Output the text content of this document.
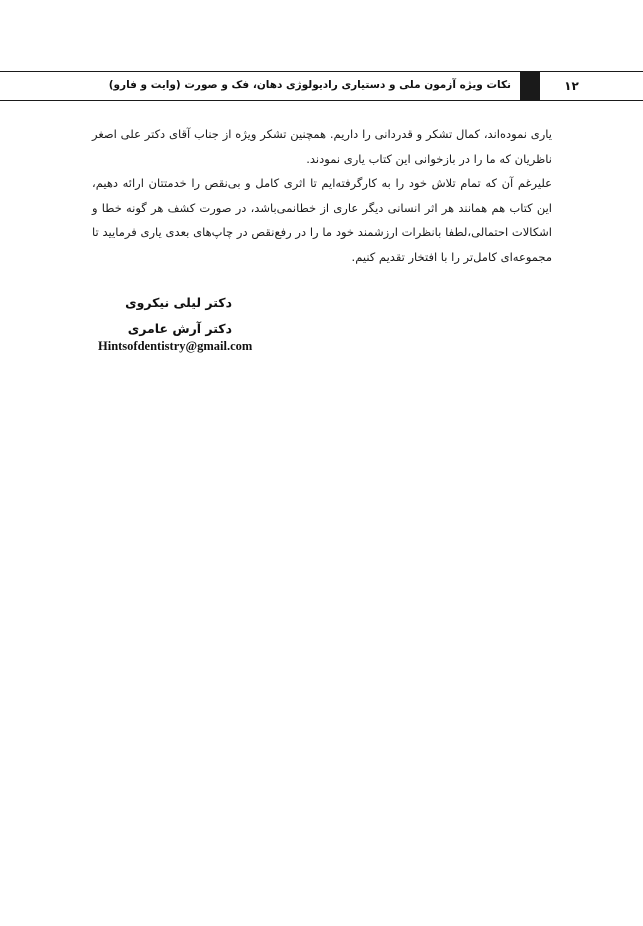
۱۲
نکات ویژه آزمون ملی و دستیاری رادیولوژی دهان، فک و صورت (وایت و فارو)

یاری نموده‌اند، کمال تشکر و قدردانی را داریم. همچنین تشکر ویژه از جناب آقای دکتر علی اصغر ناظریان که ما را در بازخوانی این کتاب یاری نمودند.

علیرغم آن که تمام تلاش خود را به کارگرفته‌ایم تا اثری کامل و بی‌نقص را خدمتتان ارائه دهیم، این کتاب هم همانند هر اثر انسانی دیگر عاری از خطا‌نمی‌باشد، در صورت کشف هر گونه خطا و اشکالات احتمالی،لطفا بانظرات ارزشمند خود ما را در رفع‌نقص در چاپ‌های بعدی یاری فرمایید تا مجموعه‌ای کامل‌تر را با افتخار تقدیم کنیم.

دکتر لیلی نیکروی
دکتر آرش عامری
Hintsofdentistry@gmail.com
